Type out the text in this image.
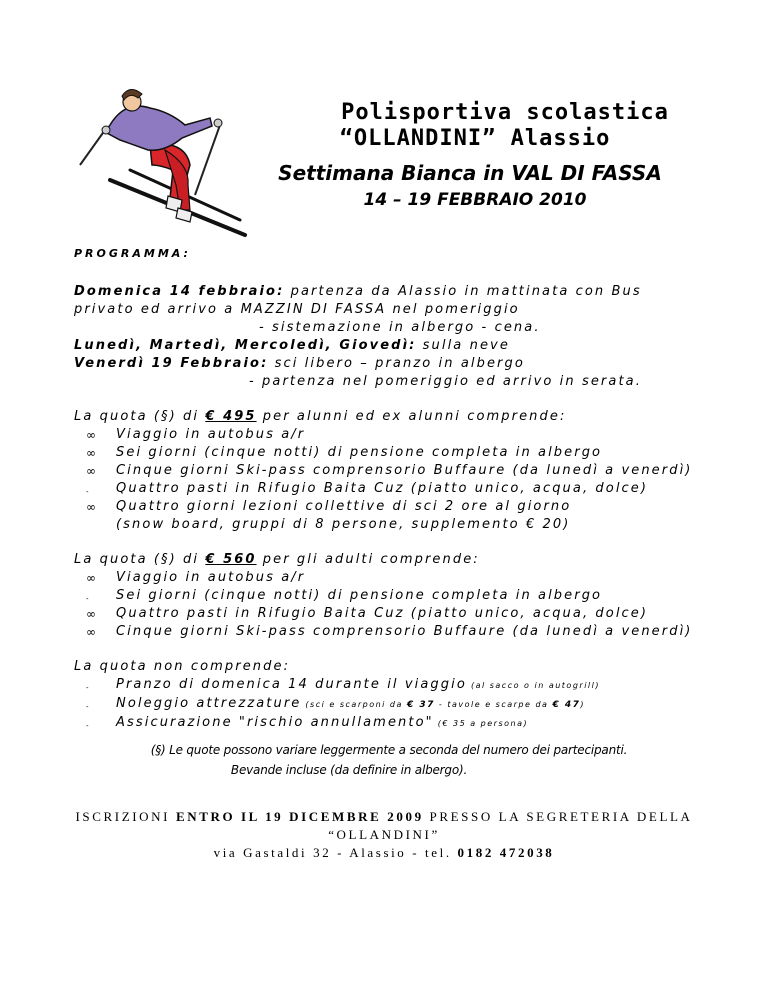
Polisportiva scolastica
“OLLANDINI” Alassio
Settimana Bianca in VAL DI FASSA
14 – 19 FEBBRAIO 2010

PROGRAMMA:

Domenica 14 febbraio: partenza da Alassio in mattinata con Bus

privato ed arrivo a MAZZIN DI FASSA nel pomeriggio

- sistemazione in albergo - cena.

Lunedì, Martedì, Mercoledì, Giovedì: sulla neve

Venerdì 19 Febbraio: sci libero – pranzo in albergo

- partenza nel pomeriggio ed arrivo in serata.

La quota (§) di € 495 per alunni ed ex alunni comprende:

∞ Viaggio in autobus a/r
∞ Sei giorni (cinque notti) di pensione completa in albergo
∞ Cinque giorni Ski-pass comprensorio Buffaure (da lunedì a venerdì)
- Quattro pasti in Rifugio Baita Cuz (piatto unico, acqua, dolce)
∞ Quattro giorni lezioni collettive di sci 2 ore al giorno
(snow board, gruppi di 8 persone, supplemento € 20)

La quota (§) di € 560 per gli adulti comprende:

∞ Viaggio in autobus a/r
- Sei giorni (cinque notti) di pensione completa in albergo
∞ Quattro pasti in Rifugio Baita Cuz (piatto unico, acqua, dolce)
∞ Cinque giorni Ski-pass comprensorio Buffaure (da lunedì a venerdì)

La quota non comprende:

- Pranzo di domenica 14 durante il viaggio (al sacco o in autogrill)
- Noleggio attrezzature (sci e scarponi da € 37 - tavole e scarpe da € 47)
- Assicurazione "rischio annullamento" (€ 35 a persona)
(§) Le quote possono variare leggermente a seconda del numero dei partecipanti.
Bevande incluse (da definire in albergo).
ISCRIZIONI ENTRO IL 19 DICEMBRE 2009 PRESSO LA SEGRETERIA DELLA
“OLLANDINI”
via Gastaldi 32 - Alassio - tel. 0182 472038
